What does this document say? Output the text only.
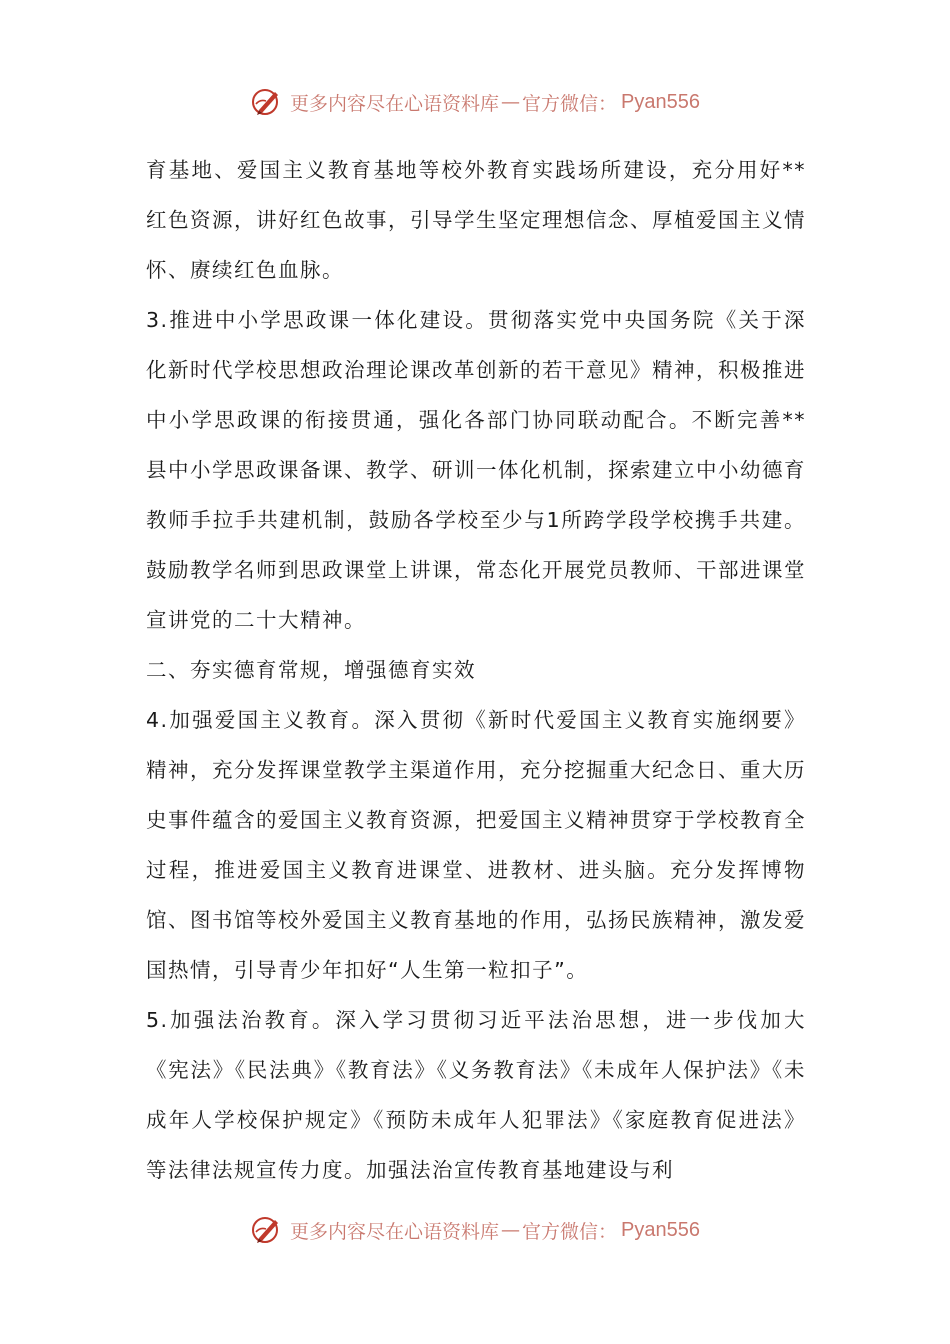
更多内容尽在心语资料库 — 官方微信： Pyan556

育基地、爱国主义教育基地等校外教育实践场所建设，充分用好**红色资源，讲好红色故事，引导学生坚定理想信念、厚植爱国主义情怀、赓续红色血脉。

3.推进中小学思政课一体化建设。贯彻落实党中央国务院《关于深化新时代学校思想政治理论课改革创新的若干意见》精神，积极推进中小学思政课的衔接贯通，强化各部门协同联动配合。不断完善**县中小学思政课备课、教学、研训一体化机制，探索建立中小幼德育教师手拉手共建机制，鼓励各学校至少与1所跨学段学校携手共建。鼓励教学名师到思政课堂上讲课，常态化开展党员教师、干部进课堂宣讲党的二十大精神。

二、夯实德育常规，增强德育实效

4.加强爱国主义教育。深入贯彻《新时代爱国主义教育实施纲要》精神，充分发挥课堂教学主渠道作用，充分挖掘重大纪念日、重大历史事件蕴含的爱国主义教育资源，把爱国主义精神贯穿于学校教育全过程，推进爱国主义教育进课堂、进教材、进头脑。充分发挥博物馆、图书馆等校外爱国主义教育基地的作用，弘扬民族精神，激发爱国热情，引导青少年扣好“人生第一粒扣子”。

5.加强法治教育。深入学习贯彻习近平法治思想，进一步伐加大《宪法》《民法典》《教育法》《义务教育法》《未成年人保护法》《未成年人学校保护规定》《预防未成年人犯罪法》《家庭教育促进法》等法律法规宣传力度。加强法治宣传教育基地建设与利

更多内容尽在心语资料库 — 官方微信： Pyan556
